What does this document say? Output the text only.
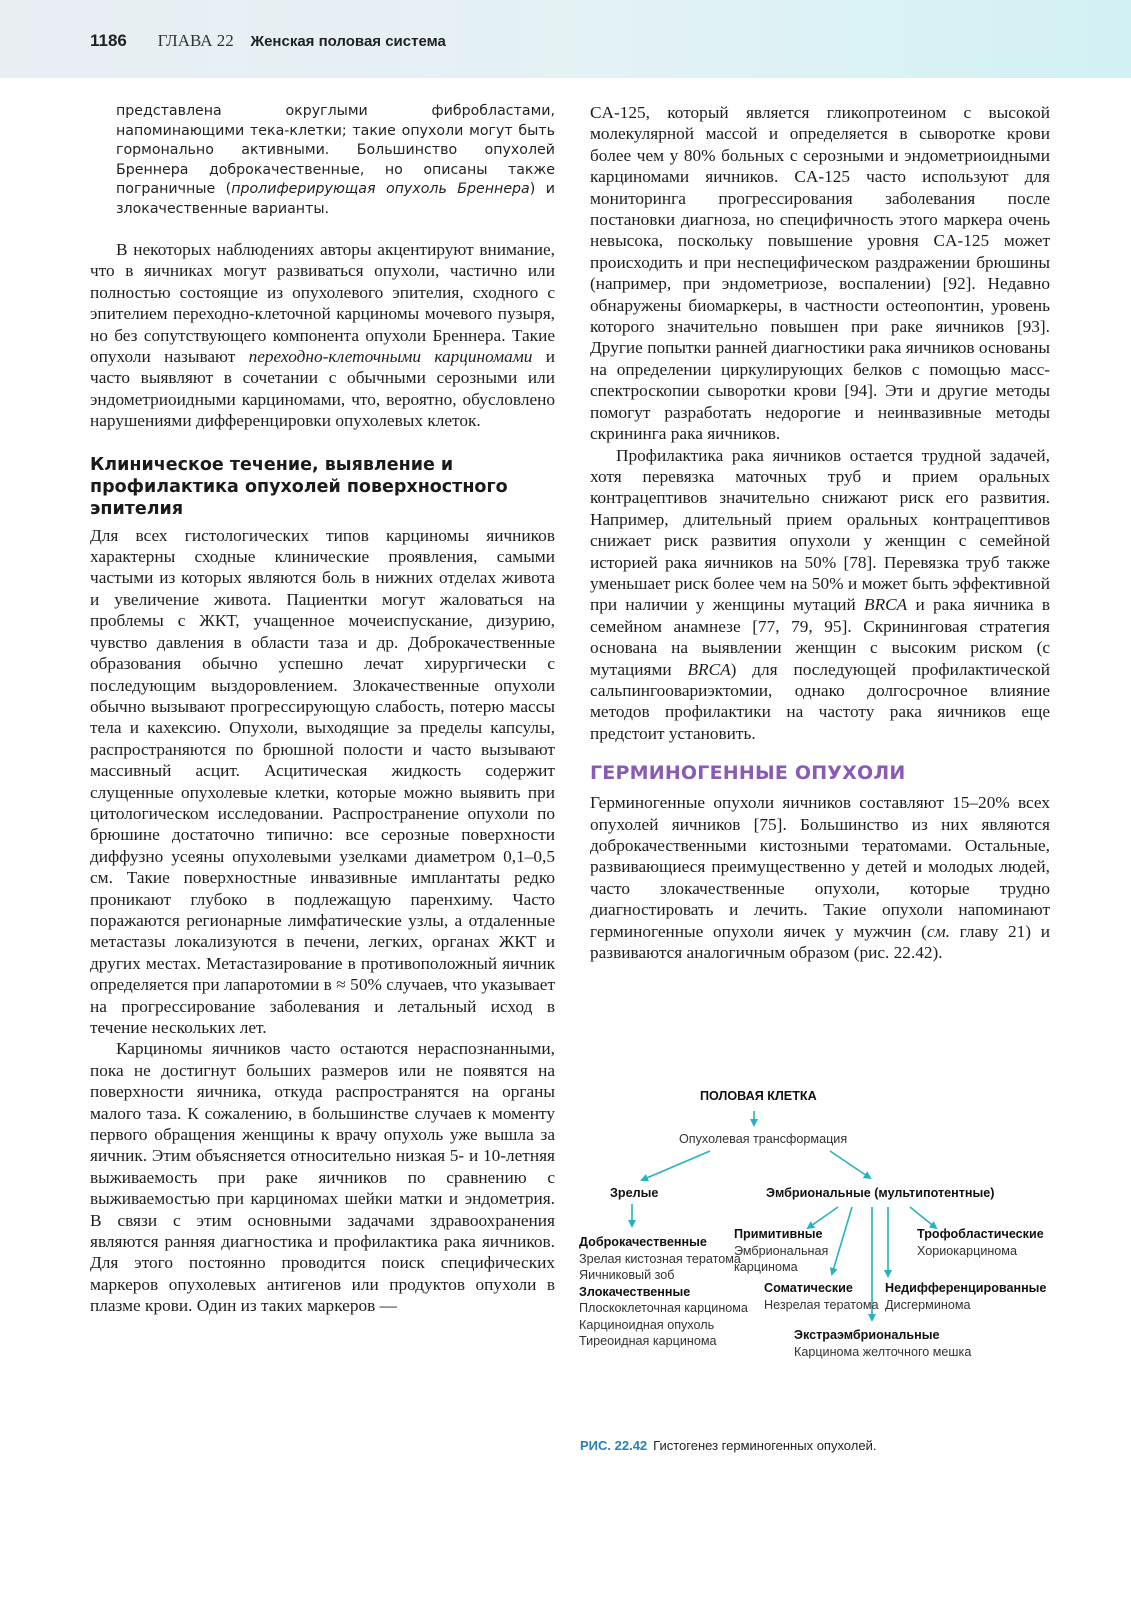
1186 ГЛАВА 22 Женская половая система
представлена округлыми фибробластами, напоминающими тека-клетки; такие опухоли могут быть гормонально активными. Большинство опухолей Бреннера доброкачественные, но описаны также пограничные (пролиферирующая опухоль Бреннера) и злокачественные варианты.

В некоторых наблюдениях авторы акцентируют внимание, что в яичниках могут развиваться опухоли, частично или полностью состоящие из опухолевого эпителия, сходного с эпителием переходно-клеточной карциномы мочевого пузыря, но без сопутствующего компонента опухоли Бреннера. Такие опухоли называют переходно-клеточными карциномами и часто выявляют в сочетании с обычными серозными или эндометриоидными карциномами, что, вероятно, обусловлено нарушениями дифференцировки опухолевых клеток.

Клиническое течение, выявление и профилактика опухолей поверхностного эпителия

Для всех гистологических типов карциномы яичников характерны сходные клинические проявления, самыми частыми из которых являются боль в нижних отделах живота и увеличение живота. Пациентки могут жаловаться на проблемы с ЖКТ, учащенное мочеиспускание, дизурию, чувство давления в области таза и др. Доброкачественные образования обычно успешно лечат хирургически с последующим выздоровлением. Злокачественные опухоли обычно вызывают прогрессирующую слабость, потерю массы тела и кахексию. Опухоли, выходящие за пределы капсулы, распространяются по брюшной полости и часто вызывают массивный асцит. Асцитическая жидкость содержит слущенные опухолевые клетки, которые можно выявить при цитологическом исследовании. Распространение опухоли по брюшине достаточно типично: все серозные поверхности диффузно усеяны опухолевыми узелками диаметром 0,1–0,5 см. Такие поверхностные инвазивные имплантаты редко проникают глубоко в подлежащую паренхиму. Часто поражаются регионарные лимфатические узлы, а отдаленные метастазы локализуются в печени, легких, органах ЖКТ и других местах. Метастазирование в противоположный яичник определяется при лапаротомии в ≈ 50% случаев, что указывает на прогрессирование заболевания и летальный исход в течение нескольких лет.

Карциномы яичников часто остаются нераспознанными, пока не достигнут больших размеров или не появятся на поверхности яичника, откуда распространятся на органы малого таза. К сожалению, в большинстве случаев к моменту первого обращения женщины к врачу опухоль уже вышла за яичник. Этим объясняется относительно низкая 5- и 10-летняя выживаемость при раке яичников по сравнению с выживаемостью при карциномах шейки матки и эндометрия. В связи с этим основными задачами здравоохранения являются ранняя диагностика и профилактика рака яичников. Для этого постоянно проводится поиск специфических маркеров опухолевых антигенов или продуктов опухоли в плазме крови. Один из таких маркеров —

CA-125, который является гликопротеином с высокой молекулярной массой и определяется в сыворотке крови более чем у 80% больных с серозными и эндометриоидными карциномами яичников. CA-125 часто используют для мониторинга прогрессирования заболевания после постановки диагноза, но специфичность этого маркера очень невысока, поскольку повышение уровня CA-125 может происходить и при неспецифическом раздражении брюшины (например, при эндометриозе, воспалении) [92]. Недавно обнаружены биомаркеры, в частности остеопонтин, уровень которого значительно повышен при раке яичников [93]. Другие попытки ранней диагностики рака яичников основаны на определении циркулирующих белков с помощью масс-спектроскопии сыворотки крови [94]. Эти и другие методы помогут разработать недорогие и неинвазивные методы скрининга рака яичников.

Профилактика рака яичников остается трудной задачей, хотя перевязка маточных труб и прием оральных контрацептивов значительно снижают риск его развития. Например, длительный прием оральных контрацептивов снижает риск развития опухоли у женщин с семейной историей рака яичников на 50% [78]. Перевязка труб также уменьшает риск более чем на 50% и может быть эффективной при наличии у женщины мутаций BRCA и рака яичника в семейном анамнезе [77, 79, 95]. Скрининговая стратегия основана на выявлении женщин с высоким риском (с мутациями BRCA) для последующей профилактической сальпингоовариэктомии, однако долгосрочное влияние методов профилактики на частоту рака яичников еще предстоит установить.

ГЕРМИНОГЕННЫЕ ОПУХОЛИ

Герминогенные опухоли яичников составляют 15–20% всех опухолей яичников [75]. Большинство из них являются доброкачественными кистозными тератомами. Остальные, развивающиеся преимущественно у детей и молодых людей, часто злокачественные опухоли, которые трудно диагностировать и лечить. Такие опухоли напоминают герминогенные опухоли яичек у мужчин (см. главу 21) и развиваются аналогичным образом (рис. 22.42).

ПОЛОВАЯ КЛЕТКА
Опухолевая трансформация
Зрелые	Эмбриональные (мультипотентные)
Доброкачественные
Зрелая кистозная тератома
Яичниковый зоб
Злокачественные
Плоскоклеточная карцинома
Карциноидная опухоль
Тиреоидная карцинома
Примитивные
Эмбриональная
карцинома
Соматические
Незрелая тератома
Трофобластические
Хориокарцинома
Недифференцированные
Дисгерминома
Экстраэмбриональные
Карцинома желточного мешка
РИС. 22.42 Гистогенез герминогенных опухолей.
